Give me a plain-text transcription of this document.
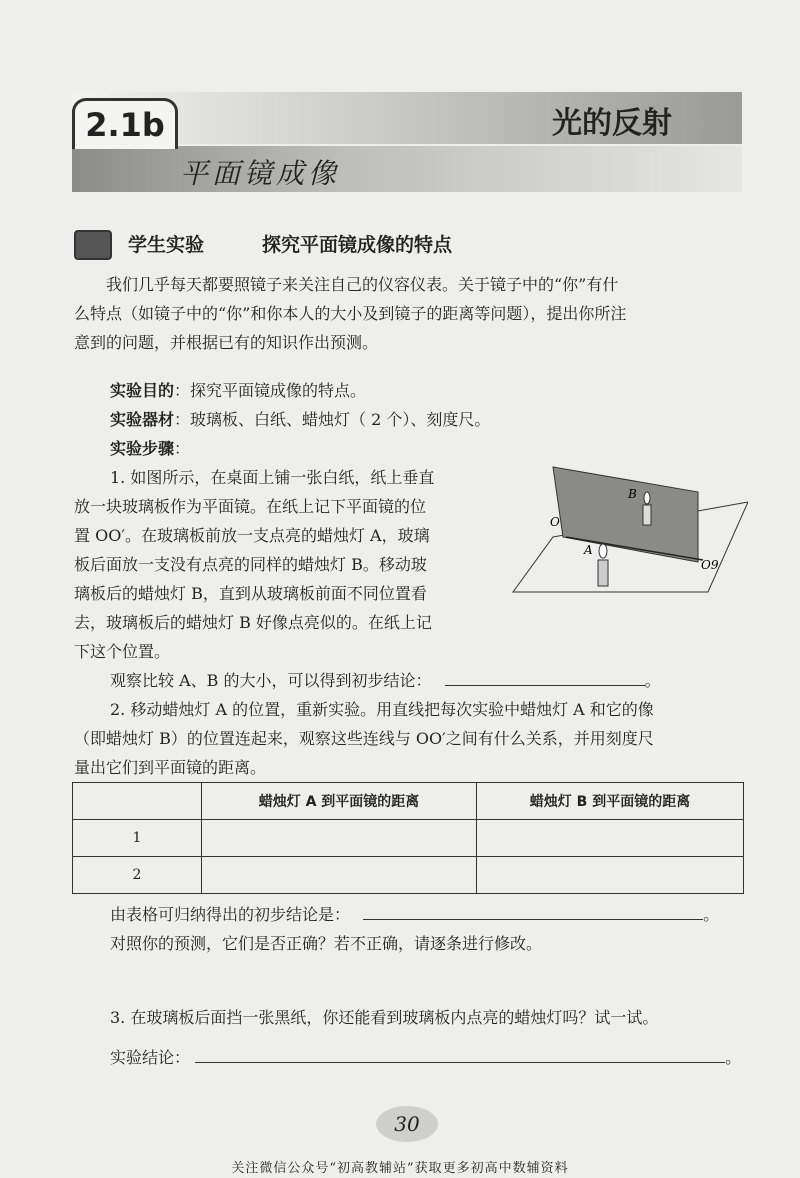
2.1b	光的反射
平面镜成像
学生实验	探究平面镜成像的特点
我们几乎每天都要照镜子来关注自己的仪容仪表。关于镜子中的“你”有什
么特点（如镜子中的“你”和你本人的大小及到镜子的距离等问题），提出你所注
意到的问题，并根据已有的知识作出预测。
实验目的：探究平面镜成像的特点。
实验器材：玻璃板、白纸、蜡烛灯（ 2 个）、刻度尺。
实验步骤：
1. 如图所示，在桌面上铺一张白纸，纸上垂直
放一块玻璃板作为平面镜。在纸上记下平面镜的位
置 OO′。在玻璃板前放一支点亮的蜡烛灯 A，玻璃
板后面放一支没有点亮的同样的蜡烛灯 B。移动玻
璃板后的蜡烛灯 B，直到从玻璃板前面不同位置看
去，玻璃板后的蜡烛灯 B 好像点亮似的。在纸上记
下这个位置。
B
A
O
O9
观察比较 A、B 的大小，可以得到初步结论：	。
2. 移动蜡烛灯 A 的位置，重新实验。用直线把每次实验中蜡烛灯 A 和它的像
（即蜡烛灯 B）的位置连起来，观察这些连线与 OO′之间有什么关系，并用刻度尺
量出它们到平面镜的距离。
	蜡烛灯 A 到平面镜的距离	蜡烛灯 B 到平面镜的距离
1		
2		
由表格可归纳得出的初步结论是：	。
对照你的预测，它们是否正确？若不正确，请逐条进行修改。
3. 在玻璃板后面挡一张黑纸，你还能看到玻璃板内点亮的蜡烛灯吗？试一试。
实验结论：	。
30
关注微信公众号“初高教辅站”获取更多初高中数辅资料
